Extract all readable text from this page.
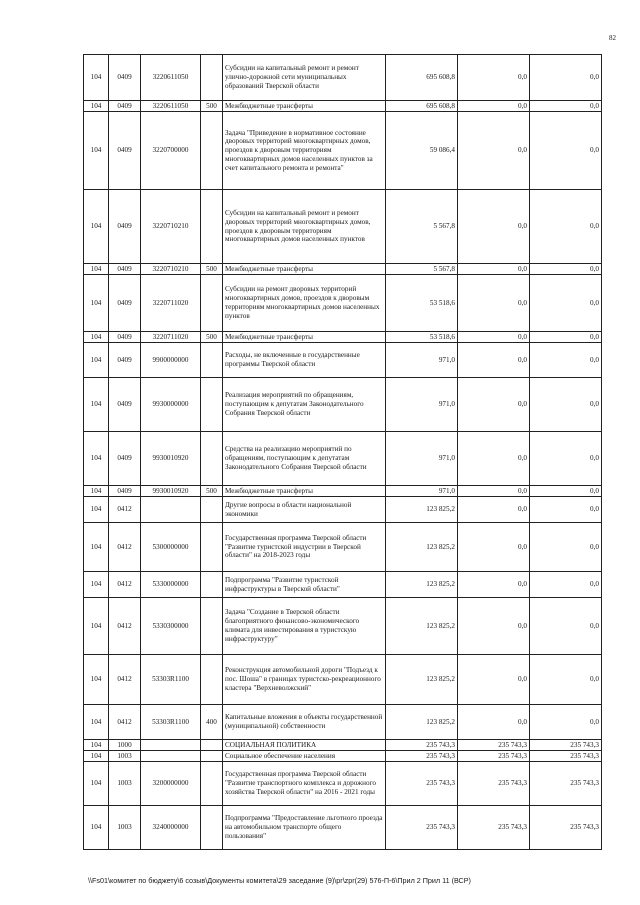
82
104	0409	3220611050		Субсидии на капитальный ремонт и ремонт улично-дорожной сети муниципальных образований Тверской области	695 608,8	0,0	0,0
104	0409	3220611050	500	Межбюджетные трансферты	695 608,8	0,0	0,0
104	0409	3220700000		Задача "Приведение в нормативное состояние дворовых территорий многоквартирных домов, проездов к дворовым территориям многоквартирных домов населенных пунктов за счет капитального ремонта и ремонта"	59 086,4	0,0	0,0
104	0409	3220710210		Субсидии на капитальный ремонт и ремонт дворовых территорий многоквартирных домов, проездов к дворовым территориям многоквартирных домов населенных пунктов	5 567,8	0,0	0,0
104	0409	3220710210	500	Межбюджетные трансферты	5 567,8	0,0	0,0
104	0409	3220711020		Субсидии на ремонт дворовых территорий многоквартирных домов, проездов к дворовым территориям многоквартирных домов населенных пунктов	53 518,6	0,0	0,0
104	0409	3220711020	500	Межбюджетные трансферты	53 518,6	0,0	0,0
104	0409	9900000000		Расходы, не включенные в государственные программы Тверской области	971,0	0,0	0,0
104	0409	9930000000		Реализация мероприятий по обращениям, поступающим к депутатам Законодательного Собрания Тверской области	971,0	0,0	0,0
104	0409	9930010920		Средства на реализацию мероприятий по обращениям, поступающим к депутатам Законодательного Собрания Тверской области	971,0	0,0	0,0
104	0409	9930010920	500	Межбюджетные трансферты	971,0	0,0	0,0
104	0412			Другие вопросы в области национальной экономики	123 825,2	0,0	0,0
104	0412	5300000000		Государственная программа Тверской области "Развитие туристской индустрии в Тверской области" на 2018-2023 годы	123 825,2	0,0	0,0
104	0412	5330000000		Подпрограмма "Развитие туристской инфраструктуры в Тверской области"	123 825,2	0,0	0,0
104	0412	5330300000		Задача "Создание в Тверской области благоприятного финансово-экономического климата для инвестирования в туристскую инфраструктуру"	123 825,2	0,0	0,0
104	0412	53303R1100		Реконструкция автомобильной дороги "Подъезд к пос. Шоша" в границах туристско-рекреационного кластера "Верхневолжский"	123 825,2	0,0	0,0
104	0412	53303R1100	400	Капитальные вложения в объекты государственной (муниципальной) собственности	123 825,2	0,0	0,0
104	1000			СОЦИАЛЬНАЯ ПОЛИТИКА	235 743,3	235 743,3	235 743,3
104	1003			Социальное обеспечение населения	235 743,3	235 743,3	235 743,3
104	1003	3200000000		Государственная программа Тверской области "Развитие транспортного комплекса и дорожного хозяйства Тверской области" на 2016 - 2021 годы	235 743,3	235 743,3	235 743,3
104	1003	3240000000		Подпрограмма "Предоставление льготного проезда на автомобильном транспорте общего пользования"	235 743,3	235 743,3	235 743,3
\\Fs01\комитет по бюджету\6 созыв\Документы комитета\29 заседание (9)\pr\zpr(29) 576-П-6\Прил 2 Прил 11 (ВСР)
